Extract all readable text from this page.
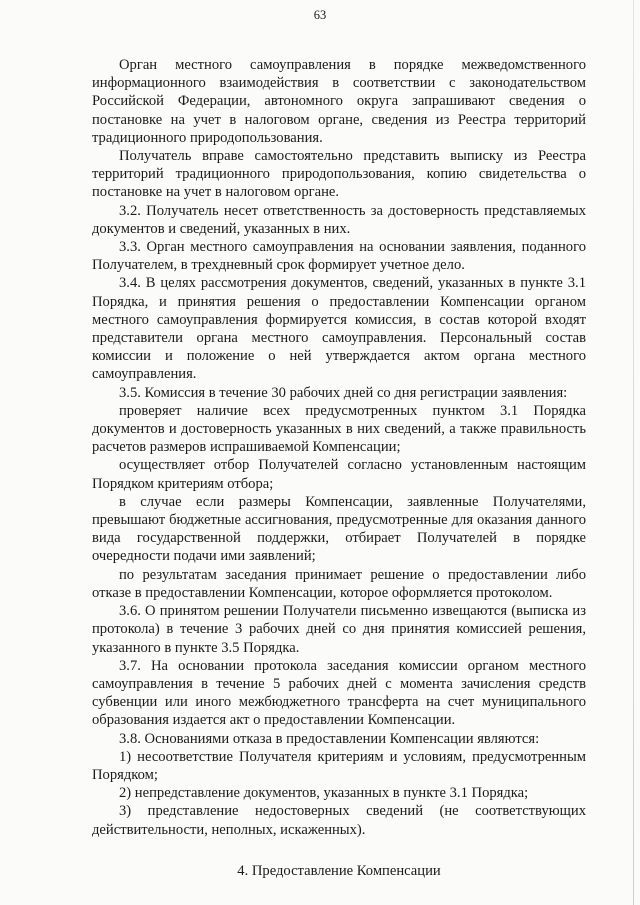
63

Орган местного самоуправления в порядке межведомственного информационного взаимодействия в соответствии с законодательством Российской Федерации, автономного округа запрашивают сведения о постановке на учет в налоговом органе, сведения из Реестра территорий традиционного природопользования.

Получатель вправе самостоятельно представить выписку из Реестра территорий традиционного природопользования, копию свидетельства о постановке на учет в налоговом органе.

3.2. Получатель несет ответственность за достоверность представляемых документов и сведений, указанных в них.

3.3. Орган местного самоуправления на основании заявления, поданного Получателем, в трехдневный срок формирует учетное дело.

3.4. В целях рассмотрения документов, сведений, указанных в пункте 3.1 Порядка, и принятия решения о предоставлении Компенсации органом местного самоуправления формируется комиссия, в состав которой входят представители органа местного самоуправления. Персональный состав комиссии и положение о ней утверждается актом органа местного самоуправления.

3.5. Комиссия в течение 30 рабочих дней со дня регистрации заявления:

проверяет наличие всех предусмотренных пунктом 3.1 Порядка документов и достоверность указанных в них сведений, а также правильность расчетов размеров испрашиваемой Компенсации;

осуществляет отбор Получателей согласно установленным настоящим Порядком критериям отбора;

в случае если размеры Компенсации, заявленные Получателями, превышают бюджетные ассигнования, предусмотренные для оказания данного вида государственной поддержки, отбирает Получателей в порядке очередности подачи ими заявлений;

по результатам заседания принимает решение о предоставлении либо отказе в предоставлении Компенсации, которое оформляется протоколом.

3.6. О принятом решении Получатели письменно извещаются (выписка из протокола) в течение 3 рабочих дней со дня принятия комиссией решения, указанного в пункте 3.5 Порядка.

3.7. На основании протокола заседания комиссии органом местного самоуправления в течение 5 рабочих дней с момента зачисления средств субвенции или иного межбюджетного трансферта на счет муниципального образования издается акт о предоставлении Компенсации.

3.8. Основаниями отказа в предоставлении Компенсации являются:

1) несоответствие Получателя критериям и условиям, предусмотренным Порядком;

2) непредставление документов, указанных в пункте 3.1 Порядка;

3) представление недостоверных сведений (не соответствующих действительности, неполных, искаженных).

4. Предоставление Компенсации
